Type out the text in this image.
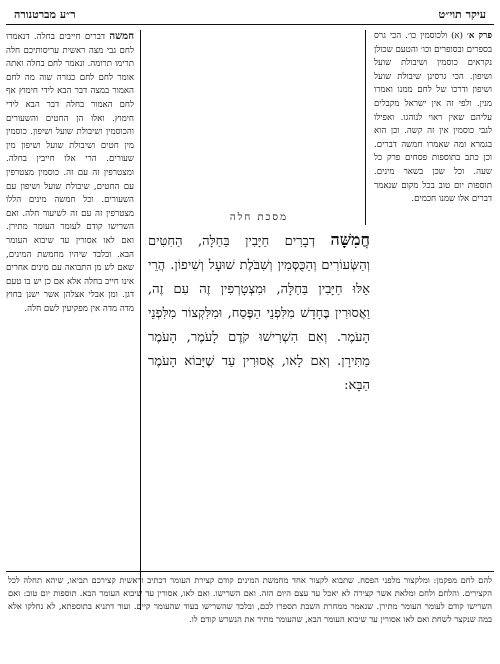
עיקר תוי״ט
ר״ע מברטנורה
פרק א׳ (א) ולכוסמין כו׳. הכי גרס בספרים ובסופרים וכו׳ והטעם שכולן נקראים כוסמין ושיבולת שועל ושיפון. הכי גרסינן שיבולת שועל ושיפון ודרכו של לחם ממנו ואמרו מנין. ולפי זה אין ישראל מקבלים עליהם שאין ראוי לנוהגו. ואפילו לגבי כוסמין אין זה קשה. וכן הוא בגמרא ומה שאמרו חמשה דברים. וכן כתב בתוספות פסחים פרק כל שעה. וכל שכן בשאר מינים. תוספות יום טוב בכל מקום שנאמר דברים אלו שמנו חכמים.
חמשה דברים חייבים בחלה. דנאמרו לחם גבי מצה ראשית עריסותיכם חלה תרימו תרומה. ונאמר לחם בחלה ואתה אומר לחם לחם כגזרה שוה מה לחם האמור במצה דבר הבא לידי חימוץ אף לחם האמור בחלה דבר הבא לידי חימוץ. ואלו הן החטים והשעורים והכוסמין ושיבולת שועל ושיפון. כוסמין מין חטים ושיבולת שועל ושיפון מין שעורים. הרי אלו חייבין בחלה. ומצטרפין זה עם זה. כוסמין מצטרפין עם החטים, שיבולת שועל ושיפון עם השעורים. וכל חמשה מינים הללו מצטרפין זה עם זה לשיעור חלה. ואם השרישו קודם לעומר העומר מתירן. ואם לאו אסורין עד שיבוא העומר הבא. ובלבד שיהיו מחמשת המינים, שאם לש מן התבואה עם מינים אחרים אינו חייב בחלה אלא אם כן יש בו טעם דגן. ומן אבלי אצלהן אשר ישנן בחוץ מדה מדה אין מפקיעין לשם חלה.
מסכת חלה
חֲמִשָּׁה דְבָרִים חַיָּבִין בַּחַלָּה, הַחִטִּים וְהַשְּׂעוֹרִים וְהַכֻּסְּמִין וְשִׁבֹּלֶת שׁוּעָל וְשִׁיפוֹן. הֲרֵי אֵלּוּ חַיָּבִין בַּחַלָּה, וּמִצְטָרְפִין זֶה עִם זֶה, וַאֲסוּרִין בֶּחָדָשׁ מִלִּפְנֵי הַפֶּסַח, וּמִלִּקְצוֹר מִלִּפְנֵי הָעֹמֶר. וְאִם הִשְׁרִישׁוּ קֹדֶם לָעֹמֶר, הָעֹמֶר מַתִּירָן. וְאִם לָאו, אֲסוּרִין עַד שֶׁיָּבוֹא הָעֹמֶר הַבָּא:
להם לחם מפקמן: ומלקצור מלפני הפסח. שתבוא לקצור אחד מחמשת המינים קודם קצירת העומר דכתיב וראשית קצירכם תביאו, שיהא תחלה לכל הקצירים. והלחם ולחם ומלאת אשר קצירה לא יאכל עד עצם היום הזה. ואם השרישו. ואם לאו, אסורין עד שיבוא העומר הבא. תוספות יום טוב: ואם השרישו קודם לעומר העומר מתירן. שנאמר ממחרת השבת תספרו לכם, ובלבד שהשרישו בעוד שהעומר קיים. ועוד דתניא בתוספתא, לא נחלקו אלא במה שנקצר לשחת ואם לאו אסורין עד שיבוא העומר הבא, שהעומר מתיר את הנשרש קודם לו.
